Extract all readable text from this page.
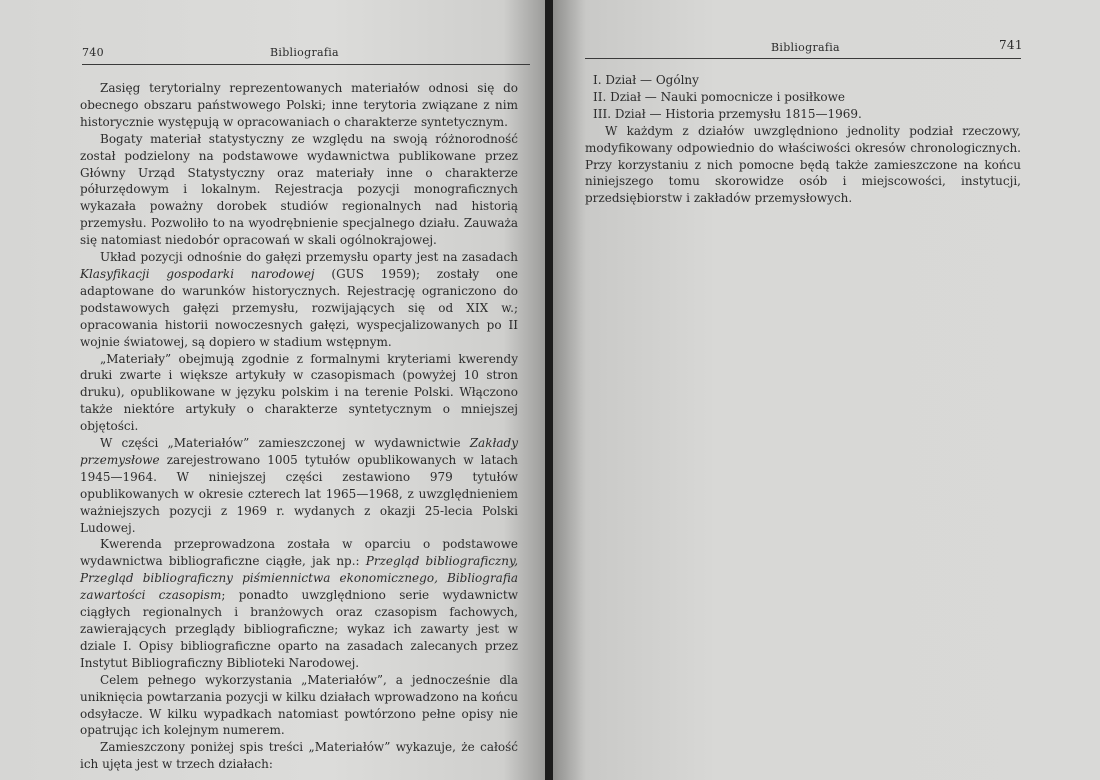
740	Bibliografia

Zasięg terytorialny reprezentowanych materiałów odnosi się do obecnego obszaru państwowego Polski; inne terytoria związane z nim historycznie występują w opracowaniach o charakterze syntetycznym.

Bogaty materiał statystyczny ze względu na swoją różnorodność został podzielony na podstawowe wydawnictwa publikowane przez Główny Urząd Statystyczny oraz materiały inne o charakterze półurzędowym i lokalnym. Rejestracja pozycji monograficznych wykazała poważny dorobek studiów regionalnych nad historią przemysłu. Pozwoliło to na wyodrębnienie specjalnego działu. Zauważa się natomiast niedobór opracowań w skali ogólnokrajowej.

Układ pozycji odnośnie do gałęzi przemysłu oparty jest na zasadach Klasyfikacji gospodarki narodowej (GUS 1959); zostały one adaptowane do warunków historycznych. Rejestrację ograniczono do podstawowych gałęzi przemysłu, rozwijających się od XIX w.; opracowania historii nowoczesnych gałęzi, wyspecjalizowanych po II wojnie światowej, są dopiero w stadium wstępnym.

„Materiały” obejmują zgodnie z formalnymi kryteriami kwerendy druki zwarte i większe artykuły w czasopismach (powyżej 10 stron druku), opublikowane w języku polskim i na terenie Polski. Włączono także niektóre artykuły o charakterze syntetycznym o mniejszej objętości.

W części „Materiałów” zamieszczonej w wydawnictwie Zakłady przemysłowe zarejestrowano 1005 tytułów opublikowanych w latach 1945—1964. W niniejszej części zestawiono 979 tytułów opublikowanych w okresie czterech lat 1965—1968, z uwzględnieniem ważniejszych pozycji z 1969 r. wydanych z okazji 25-lecia Polski Ludowej.

Kwerenda przeprowadzona została w oparciu o podstawowe wydawnictwa bibliograficzne ciągłe, jak np.: Przegląd bibliograficzny, Przegląd bibliograficzny piśmiennictwa ekonomicznego, Bibliografia zawartości czasopism; ponadto uwzględniono serie wydawnictw ciągłych regionalnych i branżowych oraz czasopism fachowych, zawierających przeglądy bibliograficzne; wykaz ich zawarty jest w dziale I. Opisy bibliograficzne oparto na zasadach zalecanych przez Instytut Bibliograficzny Biblioteki Narodowej.

Celem pełnego wykorzystania „Materiałów”, a jednocześnie dla uniknięcia powtarzania pozycji w kilku działach wprowadzono na końcu odsyłacze. W kilku wypadkach natomiast powtórzono pełne opisy nie opatrując ich kolejnym numerem.

Zamieszczony poniżej spis treści „Materiałów” wykazuje, że całość ich ujęta jest w trzech działach:

Bibliografia	741

I. Dział — Ogólny

II. Dział — Nauki pomocnicze i posiłkowe

III. Dział — Historia przemysłu 1815—1969.

W każdym z działów uwzględniono jednolity podział rzeczowy, modyfikowany odpowiednio do właściwości okresów chronologicznych. Przy korzystaniu z nich pomocne będą także zamieszczone na końcu niniejszego tomu skorowidze osób i miejscowości, instytucji, przedsiębiorstw i zakładów przemysłowych.
